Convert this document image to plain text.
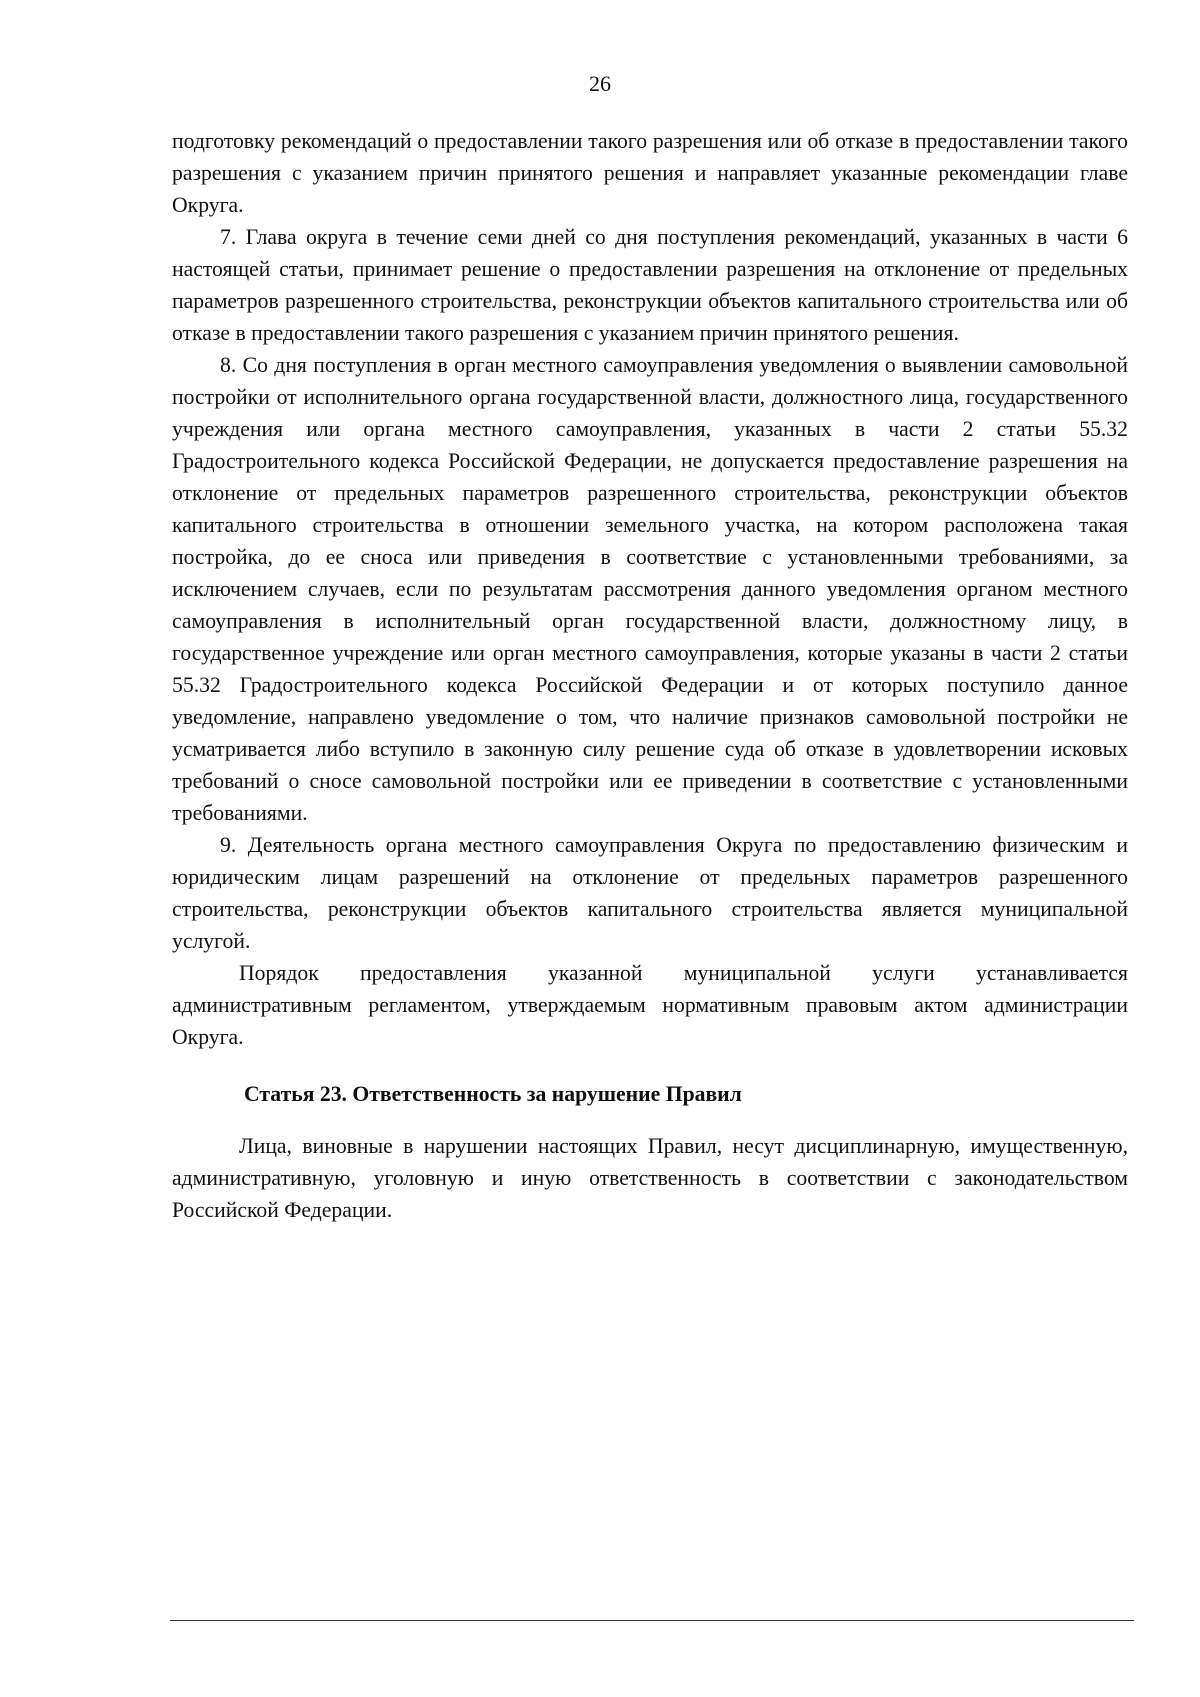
26

подготовку рекомендаций о предоставлении такого разрешения или об отказе в предоставлении такого разрешения с указанием причин принятого решения и направляет указанные рекомендации главе Округа.

7. Глава округа в течение семи дней со дня поступления рекомендаций, указанных в части 6 настоящей статьи, принимает решение о предоставлении разрешения на отклонение от предельных параметров разрешенного строительства, реконструкции объектов капитального строительства или об отказе в предоставлении такого разрешения с указанием причин принятого решения.

8. Со дня поступления в орган местного самоуправления уведомления о выявлении самовольной постройки от исполнительного органа государственной власти, должностного лица, государственного учреждения или органа местного самоуправления, указанных в части 2 статьи 55.32 Градостроительного кодекса Российской Федерации, не допускается предоставление разрешения на отклонение от предельных параметров разрешенного строительства, реконструкции объектов капитального строительства в отношении земельного участка, на котором расположена такая постройка, до ее сноса или приведения в соответствие с установленными требованиями, за исключением случаев, если по результатам рассмотрения данного уведомления органом местного самоуправления в исполнительный орган государственной власти, должностному лицу, в государственное учреждение или орган местного самоуправления, которые указаны в части 2 статьи 55.32 Градостроительного кодекса Российской Федерации и от которых поступило данное уведомление, направлено уведомление о том, что наличие признаков самовольной постройки не усматривается либо вступило в законную силу решение суда об отказе в удовлетворении исковых требований о сносе самовольной постройки или ее приведении в соответствие с установленными требованиями.

9. Деятельность органа местного самоуправления Округа по предоставлению физическим и юридическим лицам разрешений на отклонение от предельных параметров разрешенного строительства, реконструкции объектов капитального строительства является муниципальной услугой.

Порядок предоставления указанной муниципальной услуги устанавливается административным регламентом, утверждаемым нормативным правовым актом администрации Округа.

Статья 23. Ответственность за нарушение Правил

Лица, виновные в нарушении настоящих Правил, несут дисциплинарную, имущественную, административную, уголовную и иную ответственность в соответствии с законодательством Российской Федерации.
